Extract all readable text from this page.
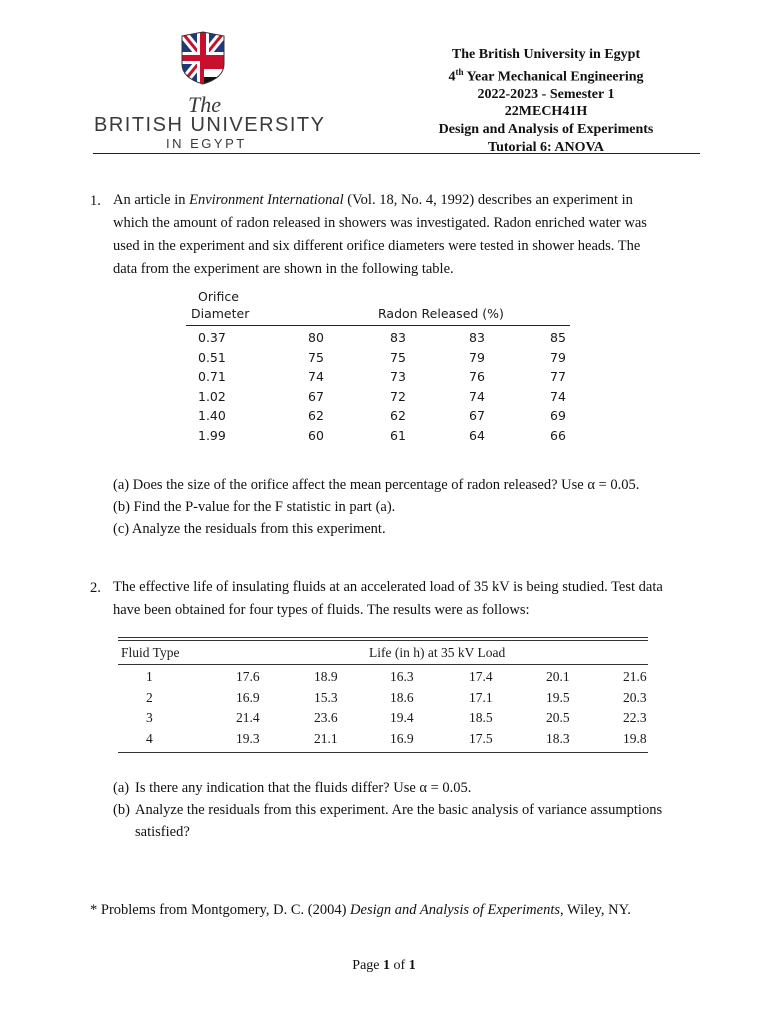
The
BRITISH UNIVERSITY
IN EGYPT
The British University in Egypt
4th Year Mechanical Engineering
2022-2023 - Semester 1
22MECH41H
Design and Analysis of Experiments
Tutorial 6: ANOVA
1. An article in Environment International (Vol. 18, No. 4, 1992) describes an experiment in
which the amount of radon released in showers was investigated. Radon enriched water was
used in the experiment and six different orifice diameters were tested in shower heads. The
data from the experiment are shown in the following table.
Orifice
Diameter	Radon Released (%)
0.37	80	83	83	85
0.51	75	75	79	79
0.71	74	73	76	77
1.02	67	72	74	74
1.40	62	62	67	69
1.99	60	61	64	66
(a) Does the size of the orifice affect the mean percentage of radon released? Use α = 0.05.
(b) Find the P-value for the F statistic in part (a).
(c) Analyze the residuals from this experiment.
2. The effective life of insulating fluids at an accelerated load of 35 kV is being studied. Test data
have been obtained for four types of fluids. The results were as follows:
Fluid Type	Life (in h) at 35 kV Load
1	17.6	18.9	16.3	17.4	20.1	21.6
2	16.9	15.3	18.6	17.1	19.5	20.3
3	21.4	23.6	19.4	18.5	20.5	22.3
4	19.3	21.1	16.9	17.5	18.3	19.8
(a) Is there any indication that the fluids differ? Use α = 0.05.
(b) Analyze the residuals from this experiment. Are the basic analysis of variance assumptions
satisfied?
* Problems from Montgomery, D. C. (2004) Design and Analysis of Experiments, Wiley, NY.
Page 1 of 1
